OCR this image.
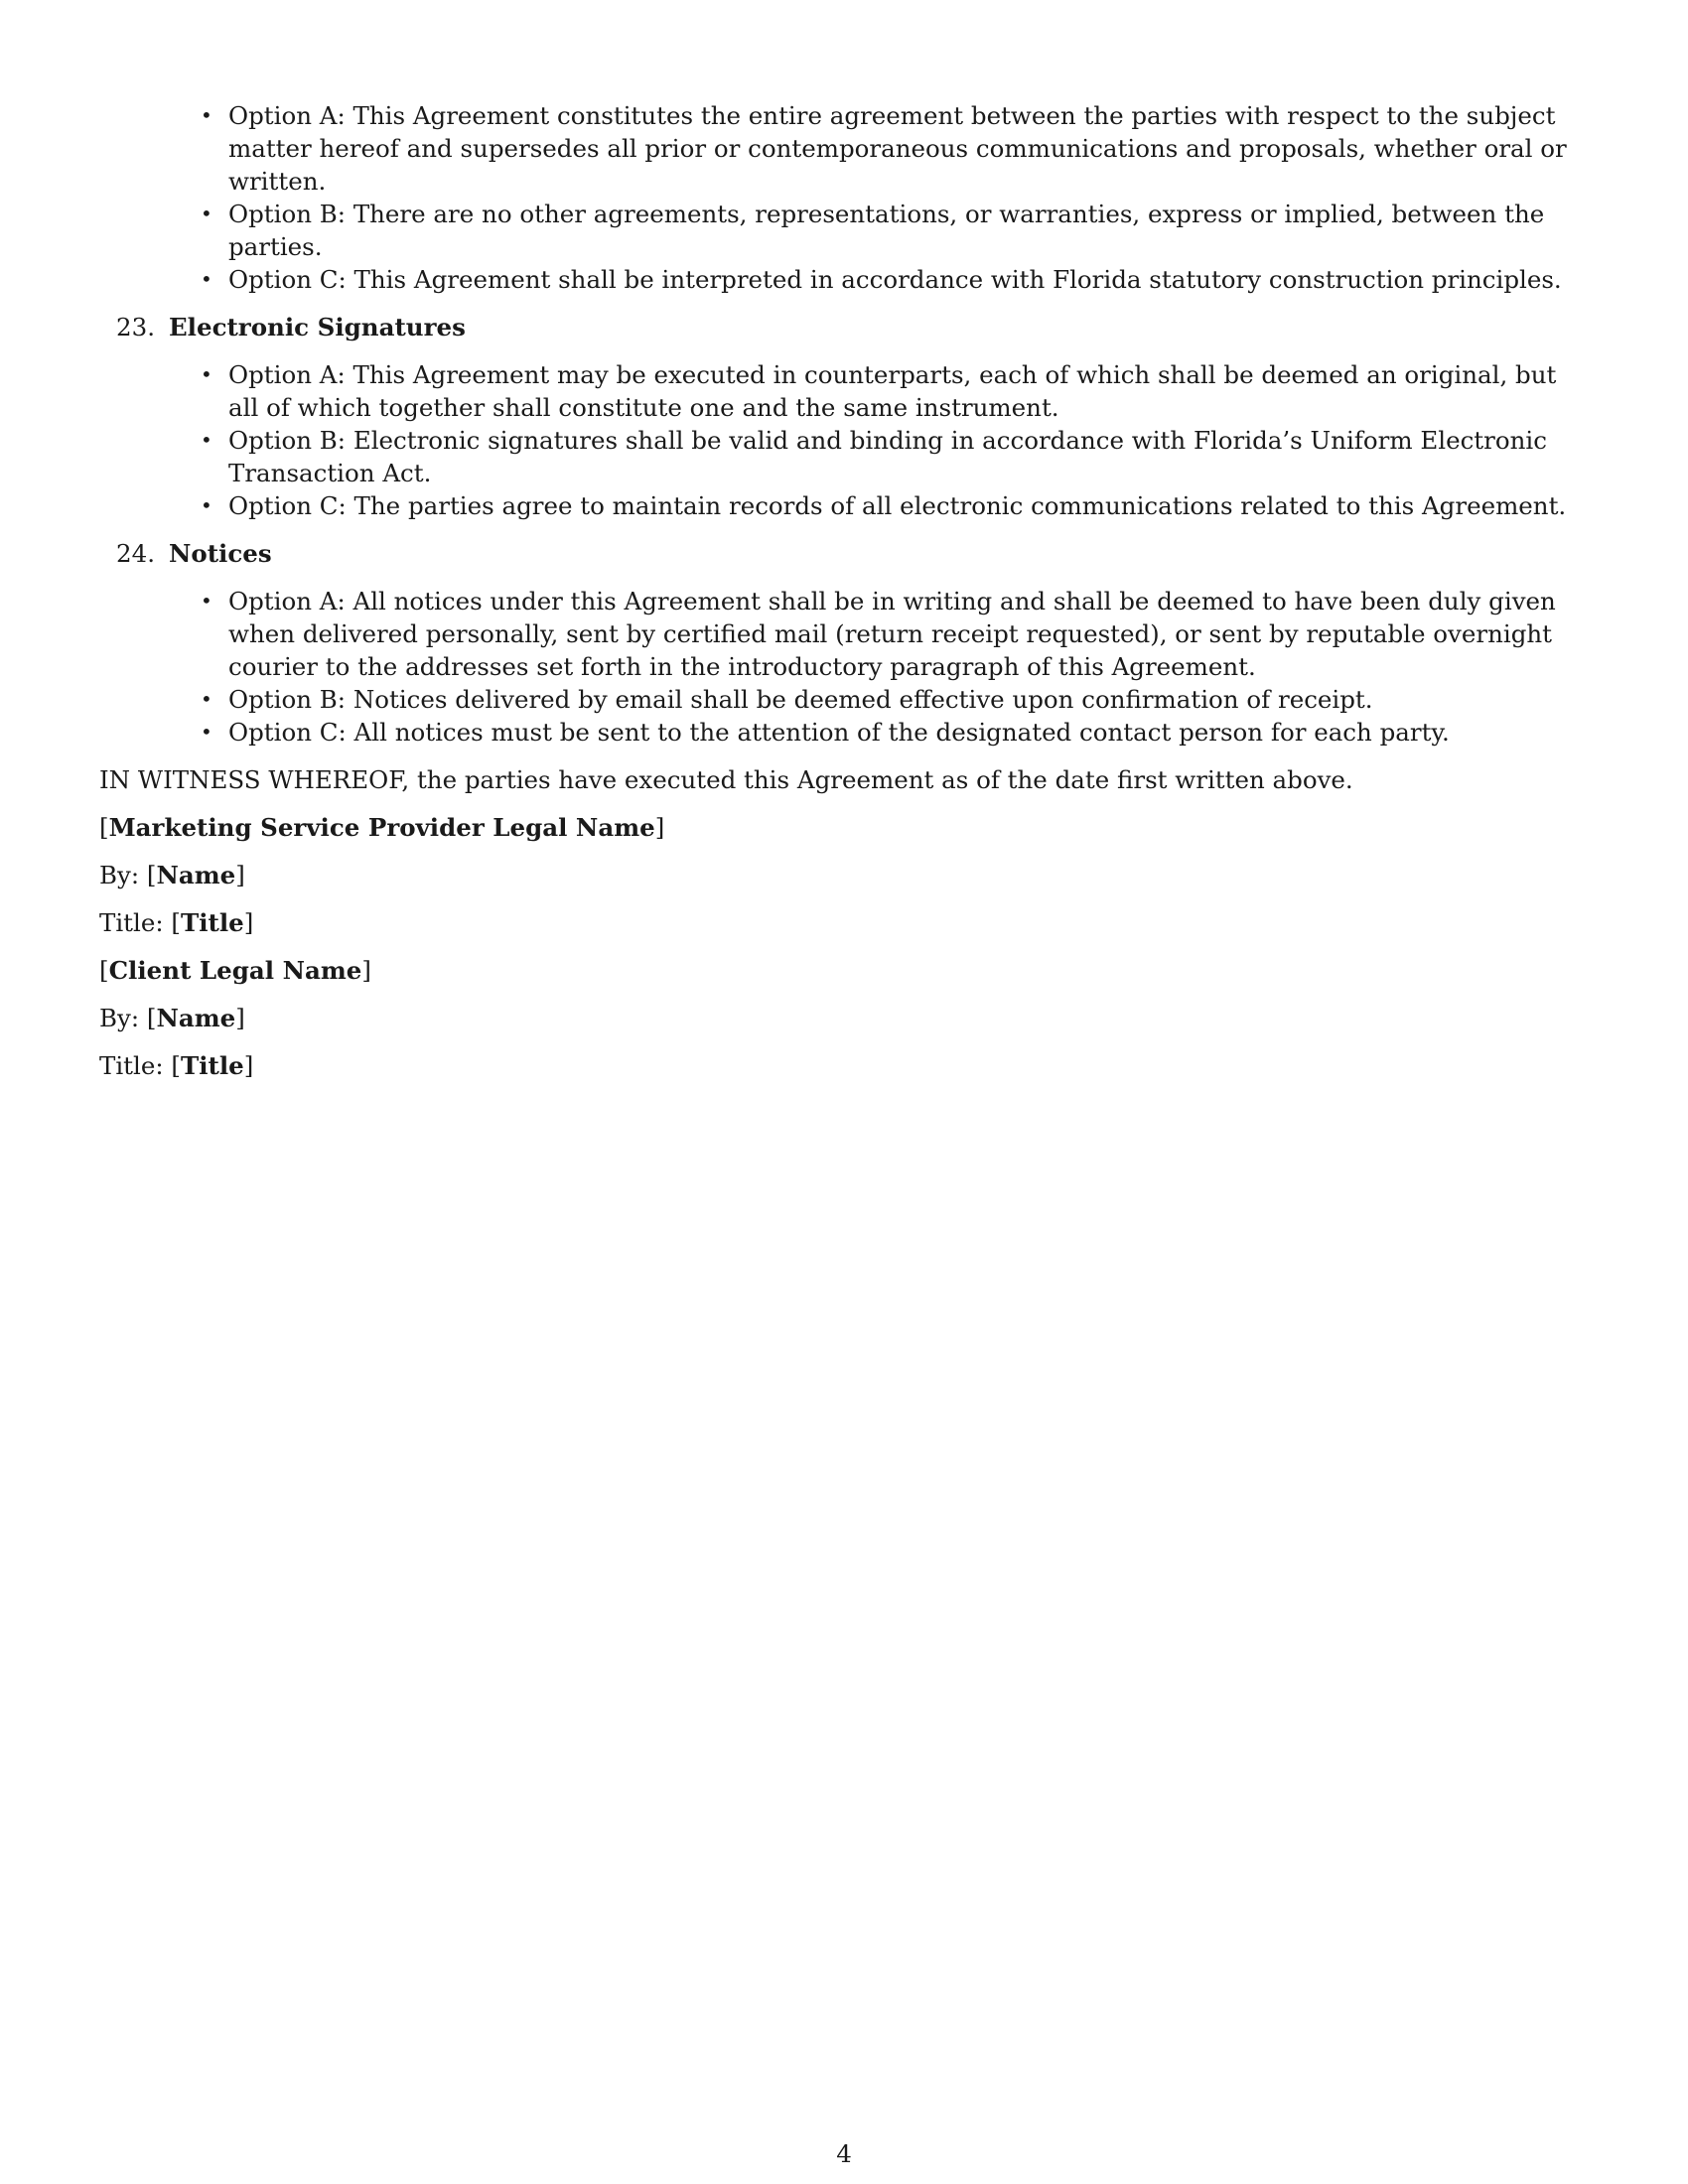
• Option A: This Agreement constitutes the entire agreement between the parties with respect to the subject matter hereof and supersedes all prior or contemporaneous communications and proposals, whether oral or written.
• Option B: There are no other agreements, representations, or warranties, express or implied, between the parties.
• Option C: This Agreement shall be interpreted in accordance with Florida statutory construction principles.
23. Electronic Signatures
• Option A: This Agreement may be executed in counterparts, each of which shall be deemed an original, but all of which together shall constitute one and the same instrument.
• Option B: Electronic signatures shall be valid and binding in accordance with Florida’s Uniform Electronic Transaction Act.
• Option C: The parties agree to maintain records of all electronic communications related to this Agreement.
24. Notices
• Option A: All notices under this Agreement shall be in writing and shall be deemed to have been duly given when delivered personally, sent by certified mail (return receipt requested), or sent by reputable overnight courier to the addresses set forth in the introductory paragraph of this Agreement.
• Option B: Notices delivered by email shall be deemed effective upon confirmation of receipt.
• Option C: All notices must be sent to the attention of the designated contact person for each party.

IN WITNESS WHEREOF, the parties have executed this Agreement as of the date first written above.

[Marketing Service Provider Legal Name]
By: [Name]
Title: [Title]
[Client Legal Name]
By: [Name]
Title: [Title]
4
